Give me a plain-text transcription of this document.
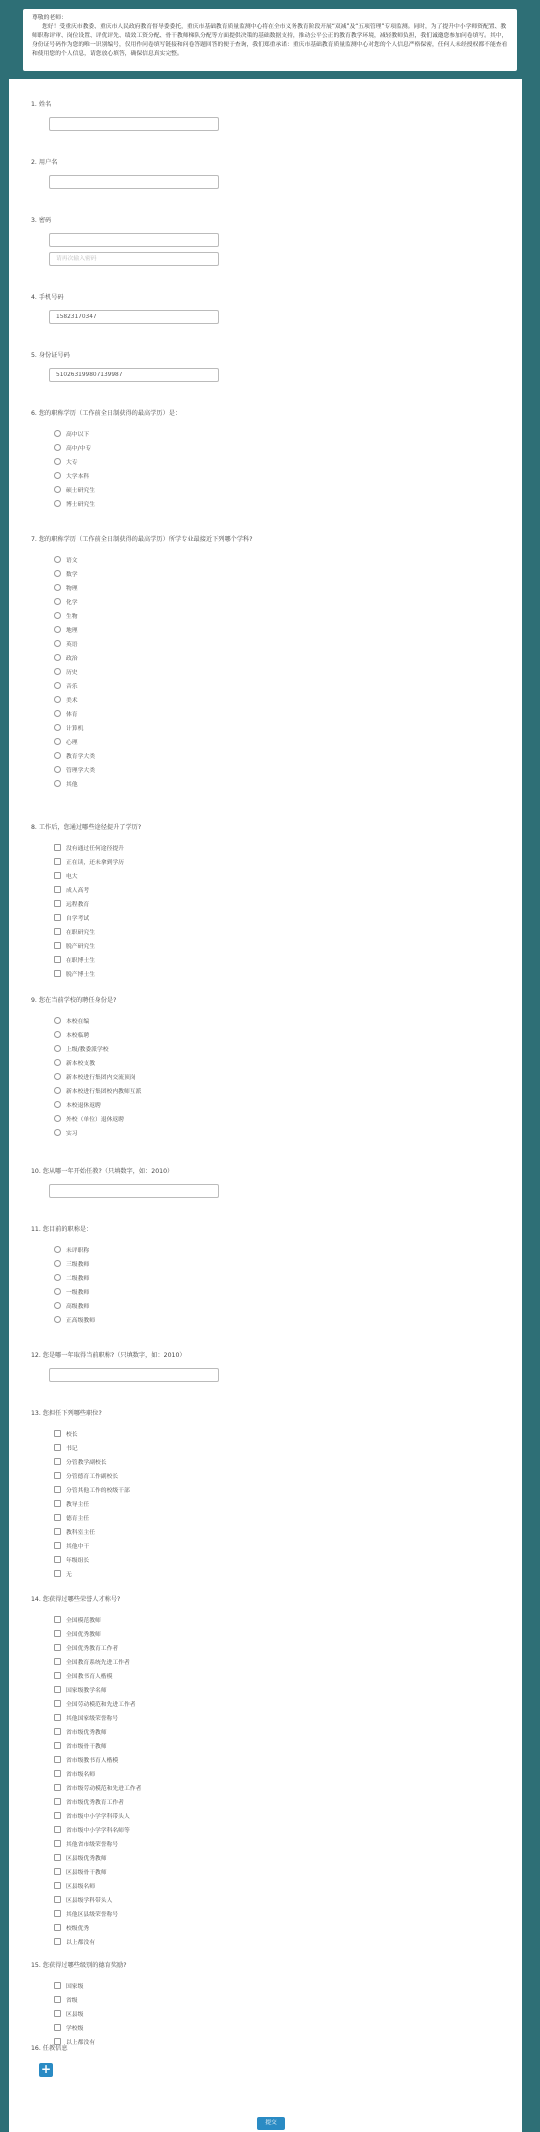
尊敬的老师：
您好！受重庆市教委、重庆市人民政府教育督导委委托，重庆市基础教育质量监测中心将在全市义务教育阶段开展“双减”及“五项管理”专项监测。同时，为了提升中小学师资配置、教师职称评审、岗位设置、评优评先、绩效工资分配、骨干教师梯队分配等方面提供决策的基础数据支持，推动公平公正的教育教学环境，减轻教师负担，我们诚邀您参加问卷填写。其中，身份证号码作为您的唯一识别编号，仅用作问卷填写链接和问卷答题回答的便于查询，我们郑重承诺：重庆市基础教育质量监测中心对您的个人信息严格保密，任何人未经授权都不能查看和使用您的个人信息，请您放心填答，确保信息真实完整。
1. 姓名
2. 用户名
3. 密码
4. 手机号码
15823170347
5. 身份证号码
510263199807139987
6. 您的职称学历（工作前全日制获得的最高学历）是：
7. 您的职称学历（工作前全日制获得的最高学历）所学专业最接近下列哪个学科?
8. 工作后，您通过哪些途径提升了学历?
9. 您在当前学校的聘任身份是?
10. 您从哪一年开始任教?（只填数字，如：2010）
11. 您目前的职称是：
12. 您是哪一年取得当前职称?（只填数字，如：2010）
13. 您担任下列哪些职位?
14. 您获得过哪些荣誉人才称号?
15. 您获得过哪些级别的德育奖励?
16. 任教信息
+
提交
高中以下
高中/中专
大专
大学本科
硕士研究生
博士研究生
语文
数学
物理
化学
生物
地理
英语
政治
历史
音乐
美术
体育
计算机
心理
教育学大类
管理学大类
其他
没有通过任何途径提升
正在读，还未拿到学历
电大
成人高考
远程教育
自学考试
在职研究生
脱产研究生
在职博士生
脱产博士生
本校在编
本校临聘
上级/教委派学校
新本校支教
新本校进行集团内交流顶岗
新本校进行集团校内教师互派
本校退休返聘
外校（单位）退休返聘
实习
未评职称
三级教师
二级教师
一级教师
高级教师
正高级教师
校长
书记
分管教学副校长
分管德育工作副校长
分管其他工作的校级干部
教导主任
德育主任
教科室主任
其他中干
年级组长
无
全国模范教师
全国优秀教师
全国优秀教育工作者
全国教育系统先进工作者
全国教书育人楷模
国家级教学名师
全国劳动模范和先进工作者
其他国家级荣誉称号
省市级优秀教师
省市级骨干教师
省市级教书育人楷模
省市级名师
省市级劳动模范和先进工作者
省市级优秀教育工作者
省市级中小学学科带头人
省市级中小学学科名师等
其他省市级荣誉称号
区县级优秀教师
区县级骨干教师
区县级名师
区县级学科带头人
其他区县级荣誉称号
校级优秀
以上都没有
国家级
省级
区县级
学校级
以上都没有
